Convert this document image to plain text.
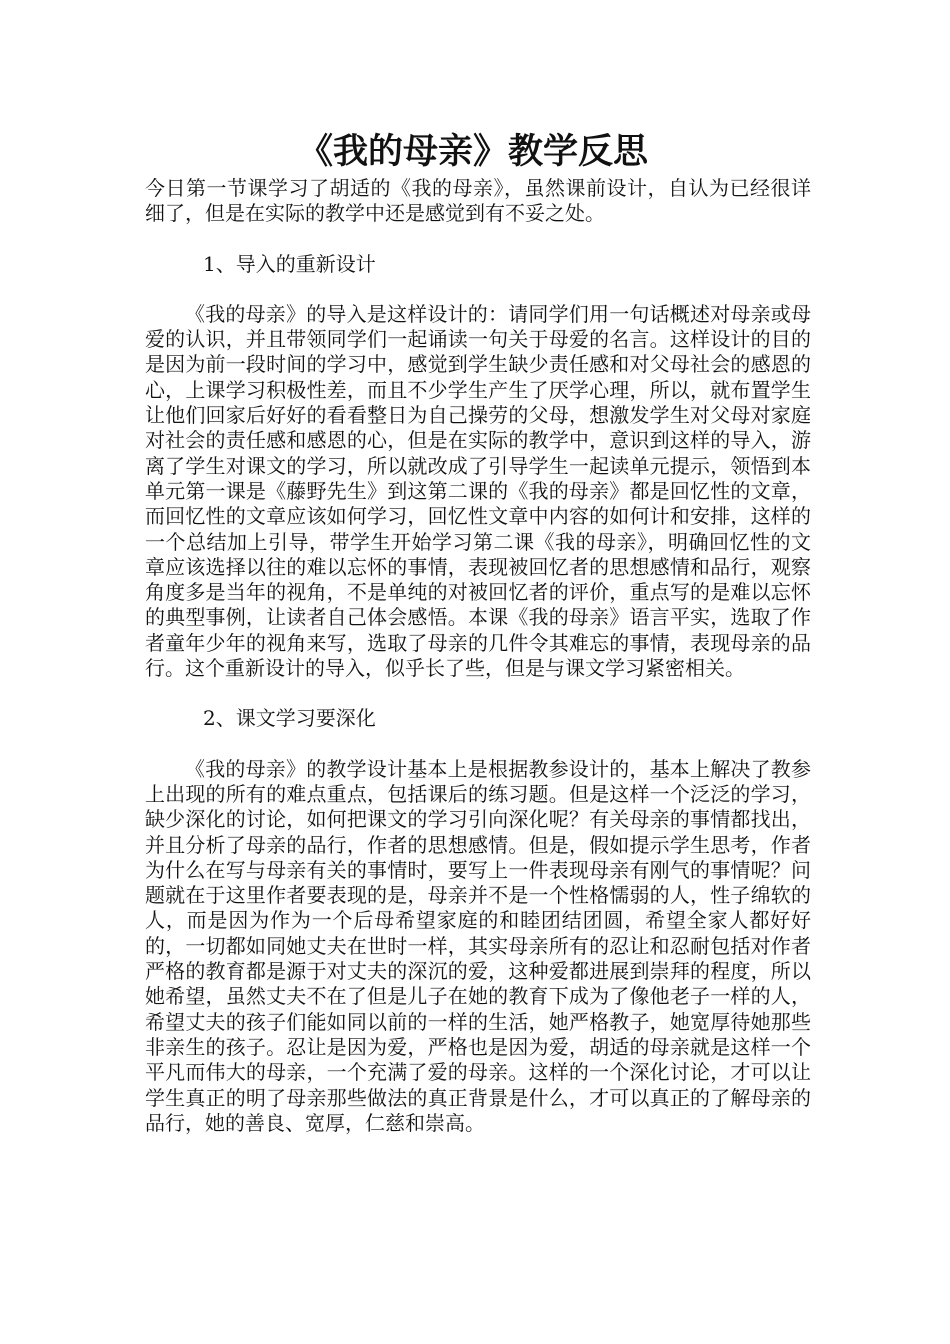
《我的母亲》教学反思

今日第一节课学习了胡适的《我的母亲》，虽然课前设计，自认为已经很详细了，但是在实际的教学中还是感觉到有不妥之处。

1、导入的重新设计

《我的母亲》的导入是这样设计的：请同学们用一句话概述对母亲或母爱的认识，并且带领同学们一起诵读一句关于母爱的名言。这样设计的目的是因为前一段时间的学习中，感觉到学生缺少责任感和对父母社会的感恩的心，上课学习积极性差，而且不少学生产生了厌学心理，所以，就布置学生让他们回家后好好的看看整日为自己操劳的父母，想激发学生对父母对家庭对社会的责任感和感恩的心，但是在实际的教学中，意识到这样的导入，游离了学生对课文的学习，所以就改成了引导学生一起读单元提示，领悟到本单元第一课是《藤野先生》到这第二课的《我的母亲》都是回忆性的文章，而回忆性的文章应该如何学习，回忆性文章中内容的如何计和安排，这样的一个总结加上引导，带学生开始学习第二课《我的母亲》，明确回忆性的文章应该选择以往的难以忘怀的事情，表现被回忆者的思想感情和品行，观察角度多是当年的视角，不是单纯的对被回忆者的评价，重点写的是难以忘怀的典型事例，让读者自己体会感悟。本课《我的母亲》语言平实，选取了作者童年少年的视角来写，选取了母亲的几件令其难忘的事情，表现母亲的品行。这个重新设计的导入，似乎长了些，但是与课文学习紧密相关。

2、课文学习要深化

《我的母亲》的教学设计基本上是根据教参设计的，基本上解决了教参上出现的所有的难点重点，包括课后的练习题。但是这样一个泛泛的学习，缺少深化的讨论，如何把课文的学习引向深化呢？有关母亲的事情都找出，并且分析了母亲的品行，作者的思想感情。但是，假如提示学生思考，作者为什么在写与母亲有关的事情时，要写上一件表现母亲有刚气的事情呢？问题就在于这里作者要表现的是，母亲并不是一个性格懦弱的人，性子绵软的人，而是因为作为一个后母希望家庭的和睦团结团圆，希望全家人都好好的，一切都如同她丈夫在世时一样，其实母亲所有的忍让和忍耐包括对作者严格的教育都是源于对丈夫的深沉的爱，这种爱都进展到崇拜的程度，所以她希望，虽然丈夫不在了但是儿子在她的教育下成为了像他老子一样的人，希望丈夫的孩子们能如同以前的一样的生活，她严格教子，她宽厚待她那些非亲生的孩子。忍让是因为爱，严格也是因为爱，胡适的母亲就是这样一个平凡而伟大的母亲，一个充满了爱的母亲。这样的一个深化讨论，才可以让学生真正的明了母亲那些做法的真正背景是什么，才可以真正的了解母亲的品行，她的善良、宽厚，仁慈和崇高。
